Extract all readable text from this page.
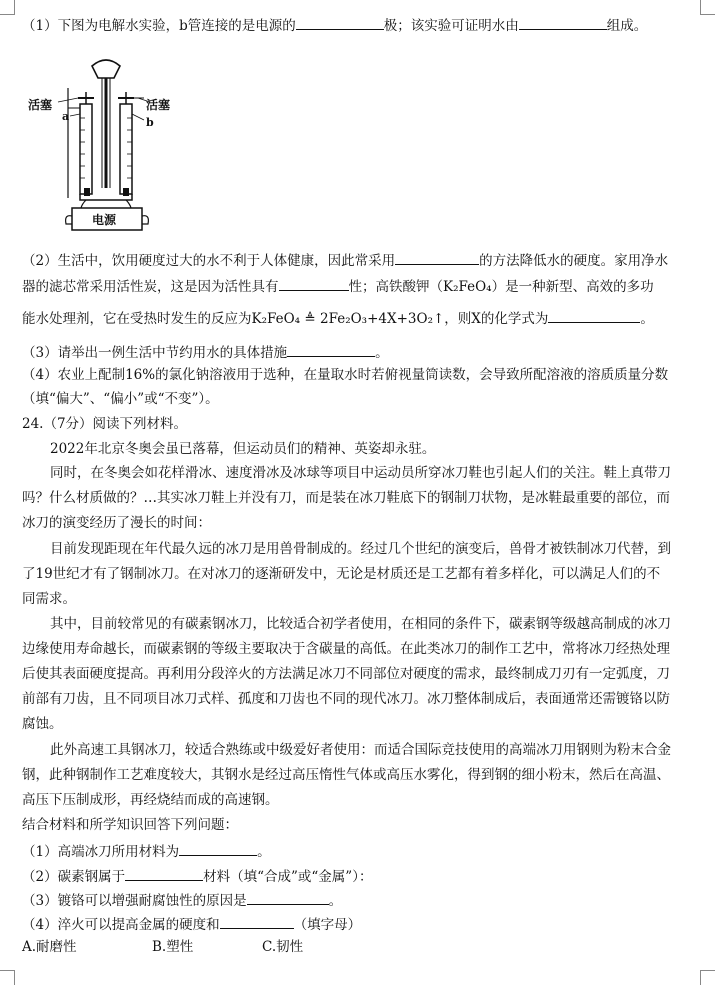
（1）下图为电解水实验，b管连接的是电源的	极；该实验可证明水由	组成。
活塞	活塞
a	b
电源
（2）生活中，饮用硬度过大的水不利于人体健康，因此常采用	的方法降低水的硬度。家用净水
器的滤芯常采用活性炭，这是因为活性具有	性；高铁酸钾（K₂FeO₄）是一种新型、高效的多功
能水处理剂，它在受热时发生的反应为K₂FeO₄ ≜ 2Fe₂O₃+4X+3O₂↑，则X的化学式为	。
（3）请举出一例生活中节约用水的具体措施	。
（4）农业上配制16%的氯化钠溶液用于选种，在量取水时若俯视量筒读数，会导致所配溶液的溶质质量分数
（填“偏大”、“偏小”或“不变”）。
24.（7分）阅读下列材料。
2022年北京冬奥会虽已落幕，但运动员们的精神、英姿却永驻。
同时，在冬奥会如花样滑冰、速度滑冰及冰球等项目中运动员所穿冰刀鞋也引起人们的关注。鞋上真带刀
吗？什么材质做的？…其实冰刀鞋上并没有刀，而是装在冰刀鞋底下的钢制刀状物，是冰鞋最重要的部位，而
冰刀的演变经历了漫长的时间：
目前发现距现在年代最久远的冰刀是用兽骨制成的。经过几个世纪的演变后，兽骨才被铁制冰刀代替，到
了19世纪才有了钢制冰刀。在对冰刀的逐渐研发中，无论是材质还是工艺都有着多样化，可以满足人们的不
同需求。
其中，目前较常见的有碳素钢冰刀，比较适合初学者使用，在相同的条件下，碳素钢等级越高制成的冰刀
边缘使用寿命越长，而碳素钢的等级主要取决于含碳量的高低。在此类冰刀的制作工艺中，常将冰刀经热处理
后使其表面硬度提高。再利用分段淬火的方法满足冰刀不同部位对硬度的需求，最终制成刀刃有一定弧度，刀
前部有刀齿，且不同项目冰刀式样、孤度和刀齿也不同的现代冰刀。冰刀整体制成后，表面通常还需镀铬以防
腐蚀。
此外高速工具钢冰刀，较适合熟练或中级爱好者使用：而适合国际竞技使用的高端冰刀用钢则为粉末合金
钢，此种钢制作工艺难度较大，其钢水是经过高压惰性气体或高压水雾化，得到钢的细小粉末，然后在高温、
高压下压制成形，再经烧结而成的高速钢。
结合材料和所学知识回答下列问题：
（1）高端冰刀所用材料为	。
（2）碳素钢属于	材料（填“合成”或“金属”）：
（3）镀铬可以增强耐腐蚀性的原因是	。
（4）淬火可以提高金属的硬度和	（填字母）
A.耐磨性	B.塑性	C.韧性
